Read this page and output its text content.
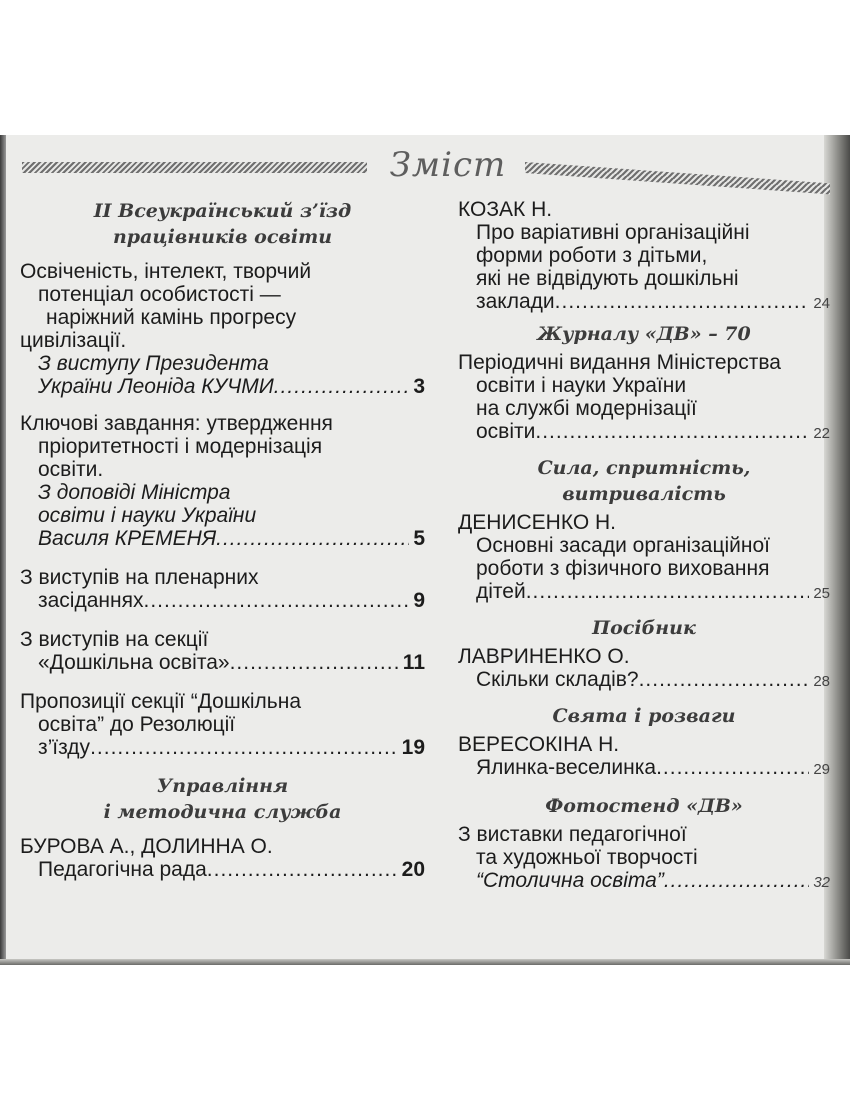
Зміст
ІІ Всеукраїнський з’їзд
працівників освіти
Освіченість, інтелект, творчий
потенціал особистості —
наріжний камінь прогресу
цивілізації.
З виступу Президента
України Леоніда КУЧМИ .....	3
Ключові завдання: утвердження
пріоритетності і модернізація
освіти.
З доповіді Міністра
освіти і науки України
Василя КРЕМЕНЯ .....	5
З виступів на пленарних
засіданнях .....	9
З виступів на секції
«Дошкільна освіта» .....	11
Пропозиції секції “Дошкільна
освіта” до Резолюції
з’їзду .....	19
Управління
і методична служба
БУРОВА А., ДОЛИННА О.
Педагогічна рада .....	20
КОЗАК Н.
Про варіативні організаційні
форми роботи з дітьми,
які не відвідують дошкільні
заклади .....	24
Журналу «ДВ» – 70
Періодичні видання Міністерства
освіти і науки України
на службі модернізації
освіти .....	22
Сила, спритність,
витривалість
ДЕНИСЕНКО Н.
Основні засади організаційної
роботи з фізичного виховання
дітей .....	25
Посібник
ЛАВРИНЕНКО О.
Скільки складів? .....	28
Свята і розваги
ВЕРЕСОКІНА Н.
Ялинка-веселинка .....	29
Фотостенд «ДВ»
З виставки педагогічної
та художньої творчості
“Столична освіта” .....	32
